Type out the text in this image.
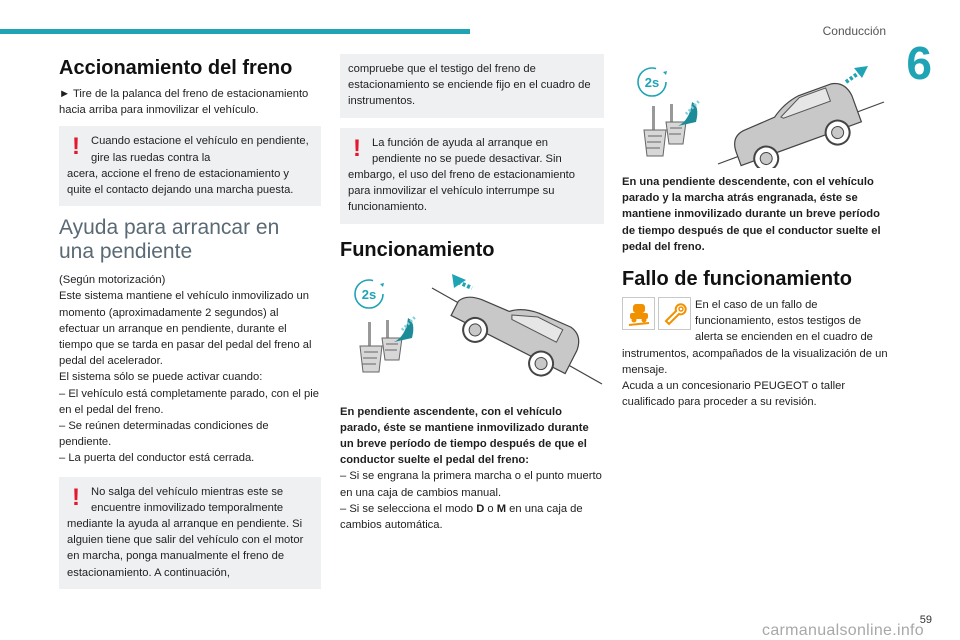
Conducción
6
Accionamiento del freno

► Tire de la palanca del freno de estacionamiento hacia arriba para inmovilizar el vehículo.

! Cuando estacione el vehículo en pendiente, gire las ruedas contra la

acera, accione el freno de estacionamiento y quite el contacto dejando una marcha puesta.

Ayuda para arrancar en
una pendiente

(Según motorización)

Este sistema mantiene el vehículo inmovilizado un momento (aproximadamente 2 segundos) al efectuar un arranque en pendiente, durante el tiempo que se tarda en pasar del pedal del freno al pedal del acelerador.

El sistema sólo se puede activar cuando:

– El vehículo está completamente parado, con el pie en el pedal del freno.

– Se reúnen determinadas condiciones de pendiente.

– La puerta del conductor está cerrada.

! No salga del vehículo mientras este se encuentre inmovilizado temporalmente

mediante la ayuda al arranque en pendiente. Si alguien tiene que salir del vehículo con el motor en marcha, ponga manualmente el freno de estacionamiento. A continuación,

compruebe que el testigo del freno de estacionamiento se enciende fijo en el cuadro de instrumentos.

! La función de ayuda al arranque en pendiente no se puede desactivar. Sin

embargo, el uso del freno de estacionamiento para inmovilizar el vehículo interrumpe su funcionamiento.

Funcionamiento
2s

En pendiente ascendente, con el vehículo parado, éste se mantiene inmovilizado durante un breve período de tiempo después de que el conductor suelte el pedal del freno:

– Si se engrana la primera marcha o el punto muerto en una caja de cambios manual.

– Si se selecciona el modo D o M en una caja de cambios automática.

2s

En una pendiente descendente, con el vehículo parado y la marcha atrás engranada, éste se mantiene inmovilizado durante un breve período de tiempo después de que el conductor suelte el pedal del freno.

Fallo de funcionamiento

En el caso de un fallo de funcionamiento, estos testigos de alerta se encienden en el cuadro de instrumentos, acompañados de la visualización de un mensaje.

Acuda a un concesionario PEUGEOT o taller cualificado para proceder a su revisión.

59
carmanualsonline.info
